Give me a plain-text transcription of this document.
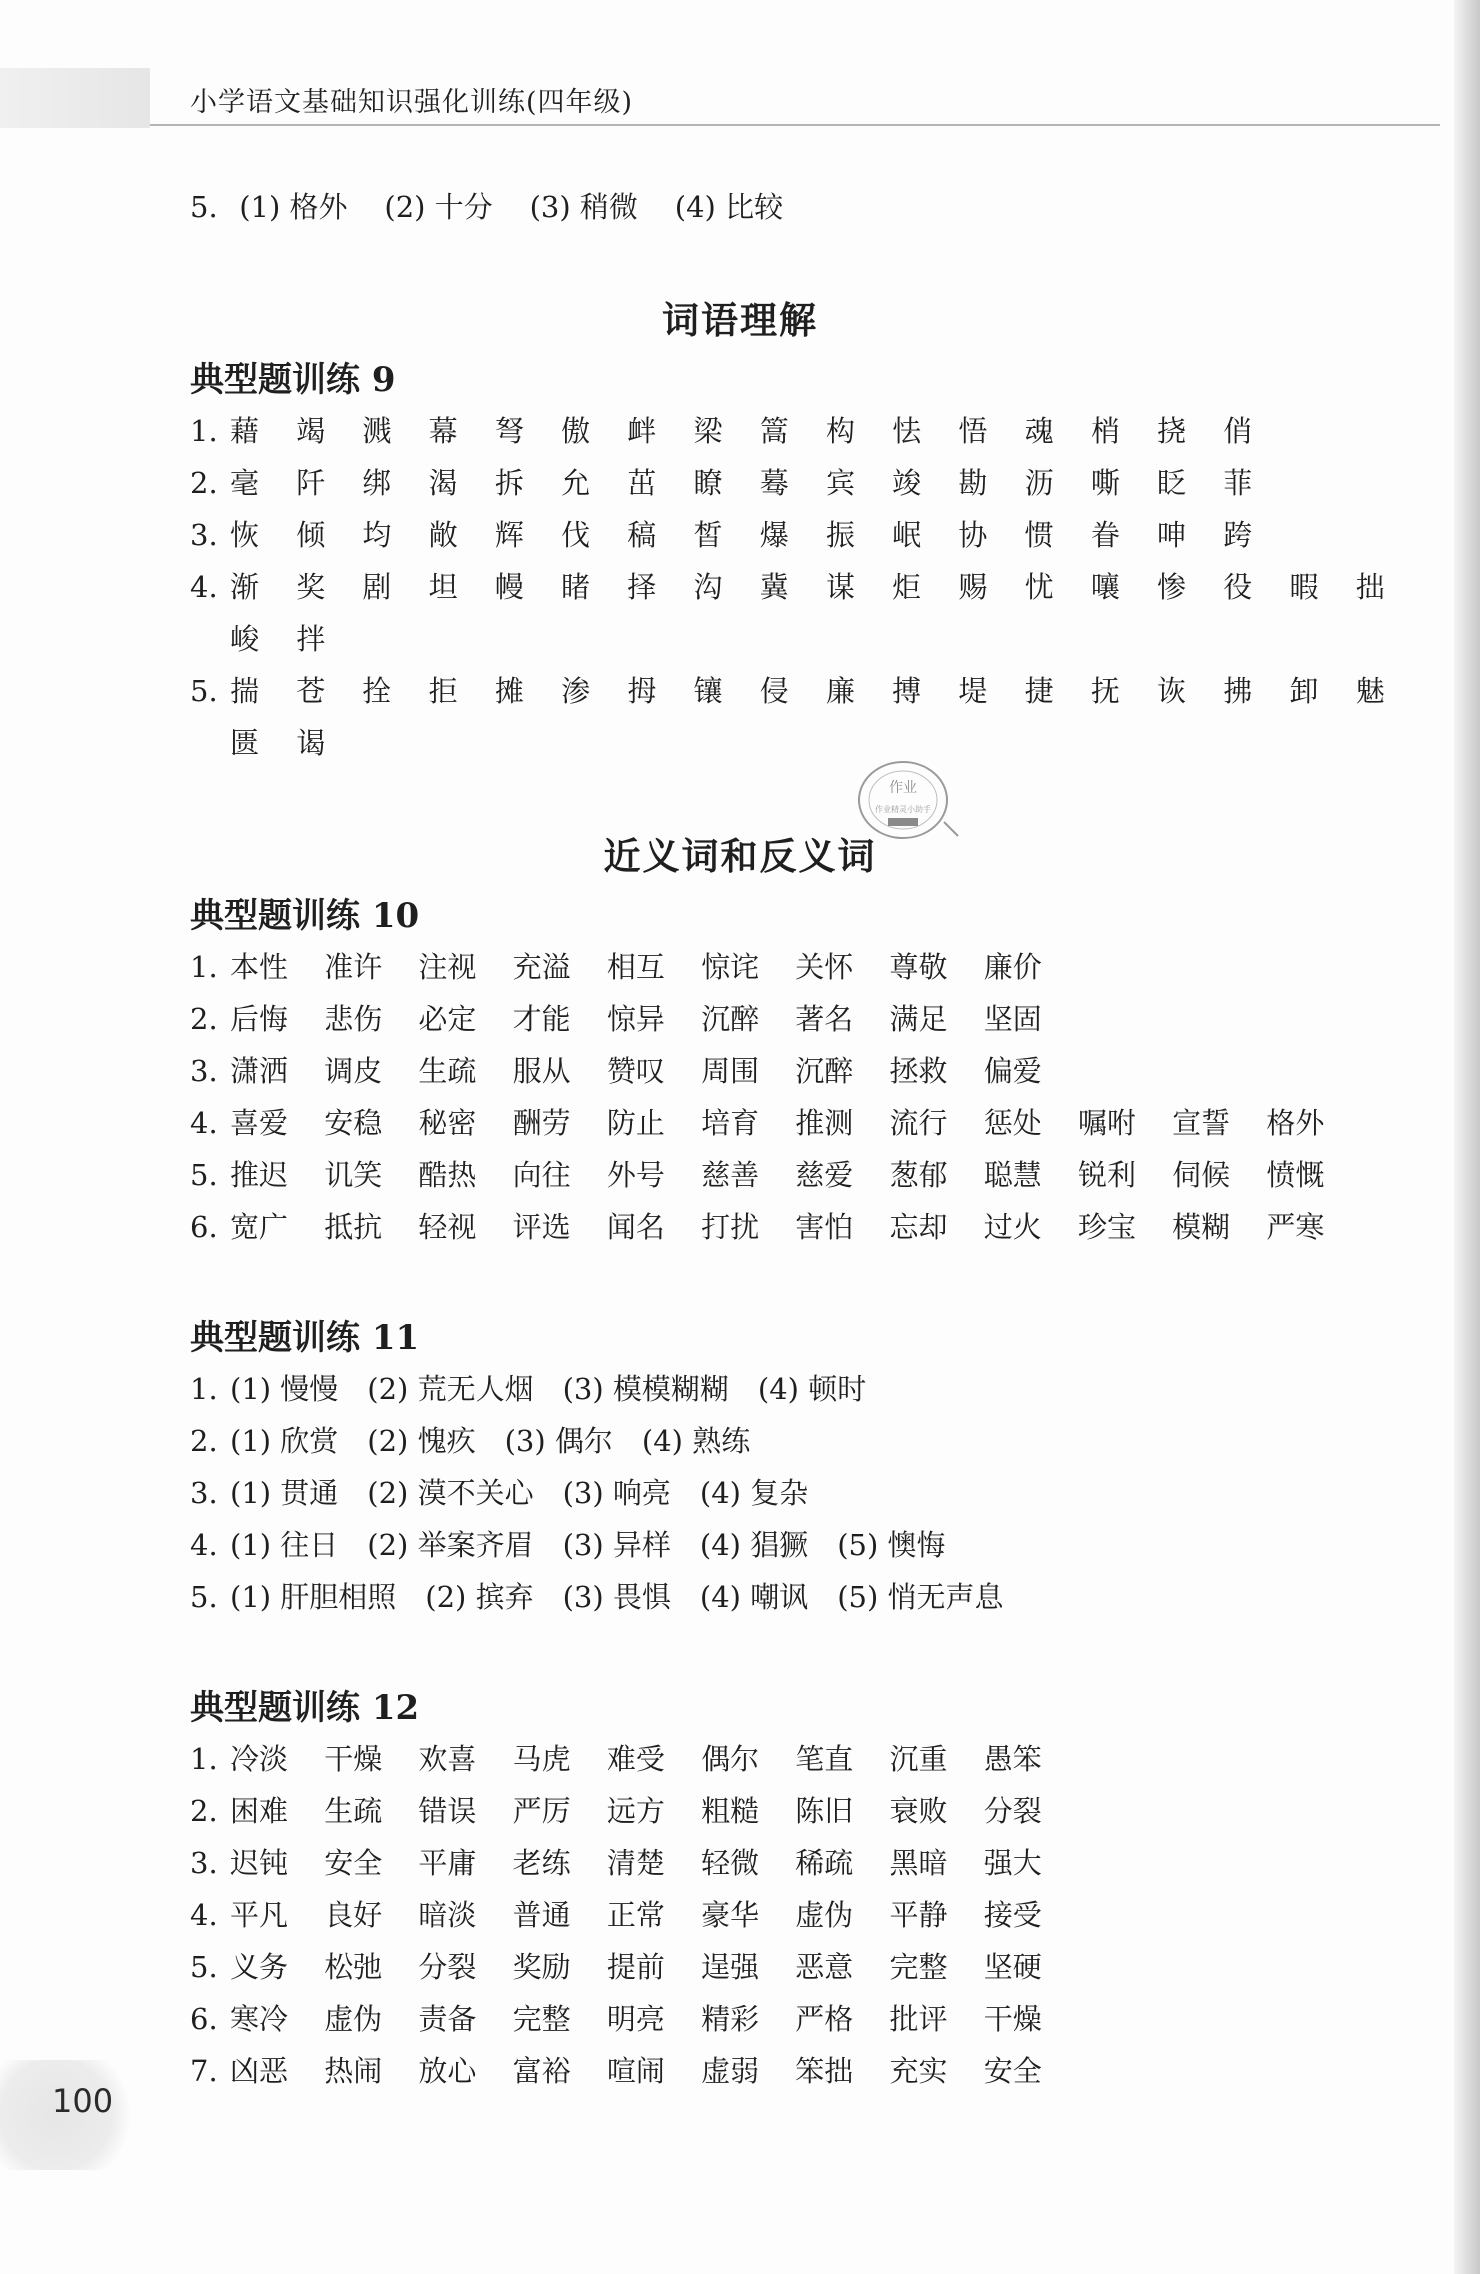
小学语文基础知识强化训练(四年级)
5. (1) 格外 (2) 十分 (3) 稍微 (4) 比较
词语理解
典型题训练 9
1. 藉 竭 溅 幕 弩 傲 衅 梁 篙 构 怯 悟 魂 梢 挠 俏
2. 毫 阡 绑 渴 拆 允 茁 瞭 蓦 宾 竣 勘 沥 嘶 眨 菲
3. 恢 倾 均 敞 辉 伐 稿 皙 爆 振 岷 协 惯 眷 呻 跨
4. 渐 奖 剧 坦 幔 睹 择 沟 冀 谋 炬 赐 忧 嚷 惨 役 暇 拙
峻 拌
5. 揣 苍 拴 拒 摊 渗 拇 镶 侵 廉 搏 堤 捷 抚 诙 拂 卸 魅
匮 谒
作业
作业精灵小助手
近义词和反义词
典型题训练 10
1. 本性 准许 注视 充溢 相互 惊诧 关怀 尊敬 廉价
2. 后悔 悲伤 必定 才能 惊异 沉醉 著名 满足 坚固
3. 潇洒 调皮 生疏 服从 赞叹 周围 沉醉 拯救 偏爱
4. 喜爱 安稳 秘密 酬劳 防止 培育 推测 流行 惩处 嘱咐 宣誓 格外
5. 推迟 讥笑 酷热 向往 外号 慈善 慈爱 葱郁 聪慧 锐利 伺候 愤慨
6. 宽广 抵抗 轻视 评选 闻名 打扰 害怕 忘却 过火 珍宝 模糊 严寒
典型题训练 11
1. (1) 慢慢　(2) 荒无人烟　(3) 模模糊糊　(4) 顿时
2. (1) 欣赏　(2) 愧疚　(3) 偶尔　(4) 熟练
3. (1) 贯通　(2) 漠不关心　(3) 响亮　(4) 复杂
4. (1) 往日　(2) 举案齐眉　(3) 异样　(4) 猖獗　(5) 懊悔
5. (1) 肝胆相照　(2) 摈弃　(3) 畏惧　(4) 嘲讽　(5) 悄无声息
典型题训练 12
1. 冷淡 干燥 欢喜 马虎 难受 偶尔 笔直 沉重 愚笨
2. 困难 生疏 错误 严厉 远方 粗糙 陈旧 衰败 分裂
3. 迟钝 安全 平庸 老练 清楚 轻微 稀疏 黑暗 强大
4. 平凡 良好 暗淡 普通 正常 豪华 虚伪 平静 接受
5. 义务 松弛 分裂 奖励 提前 逞强 恶意 完整 坚硬
6. 寒冷 虚伪 责备 完整 明亮 精彩 严格 批评 干燥
7. 凶恶 热闹 放心 富裕 喧闹 虚弱 笨拙 充实 安全
100
